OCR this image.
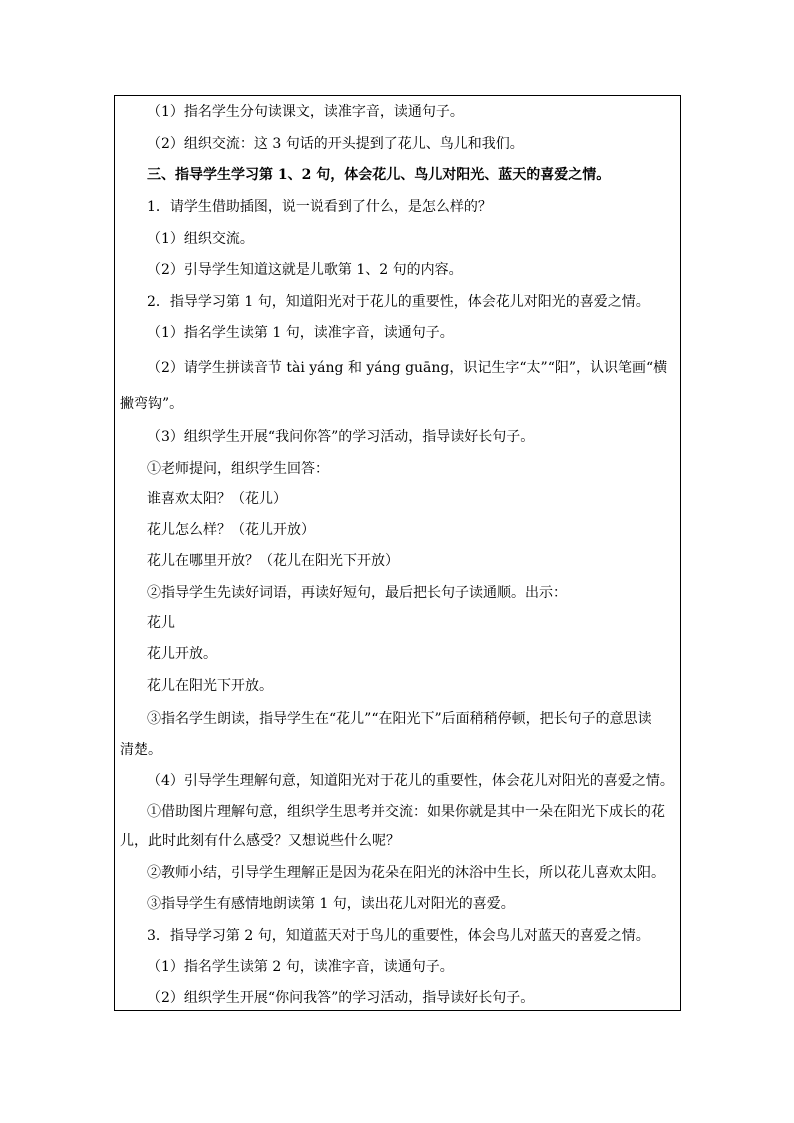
（1）指名学生分句读课文，读准字音，读通句子。
（2）组织交流：这 3 句话的开头提到了花儿、鸟儿和我们。
三、指导学生学习第 1、2 句，体会花儿、鸟儿对阳光、蓝天的喜爱之情。
1．请学生借助插图，说一说看到了什么，是怎么样的？
（1）组织交流。
（2）引导学生知道这就是儿歌第 1、2 句的内容。
2．指导学习第 1 句，知道阳光对于花儿的重要性，体会花儿对阳光的喜爱之情。
（1）指名学生读第 1 句，读准字音，读通句子。
（2）请学生拼读音节 tài yáng 和 yáng guāng，识记生字“太”“阳”，认识笔画“横
撇弯钩”。
（3）组织学生开展“我问你答”的学习活动，指导读好长句子。
①老师提问，组织学生回答：
谁喜欢太阳？（花儿）
花儿怎么样？（花儿开放）
花儿在哪里开放？（花儿在阳光下开放）
②指导学生先读好词语，再读好短句，最后把长句子读通顺。出示：
花儿
花儿开放。
花儿在阳光下开放。
③指名学生朗读，指导学生在“花儿”“在阳光下”后面稍稍停顿，把长句子的意思读
清楚。
（4）引导学生理解句意，知道阳光对于花儿的重要性，体会花儿对阳光的喜爱之情。
①借助图片理解句意，组织学生思考并交流：如果你就是其中一朵在阳光下成长的花
儿，此时此刻有什么感受？又想说些什么呢？
②教师小结，引导学生理解正是因为花朵在阳光的沐浴中生长，所以花儿喜欢太阳。
③指导学生有感情地朗读第 1 句，读出花儿对阳光的喜爱。
3．指导学习第 2 句，知道蓝天对于鸟儿的重要性，体会鸟儿对蓝天的喜爱之情。
（1）指名学生读第 2 句，读准字音，读通句子。
（2）组织学生开展“你问我答”的学习活动，指导读好长句子。
